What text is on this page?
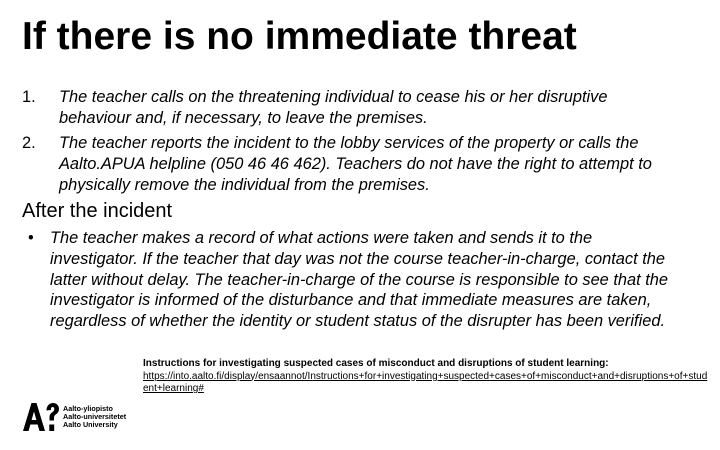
If there is no immediate threat
1. The teacher calls on the threatening individual to cease his or her disruptive behaviour and, if necessary, to leave the premises.
2. The teacher reports the incident to the lobby services of the property or calls the Aalto.APUA helpline (050 46 46 462). Teachers do not have the right to attempt to physically remove the individual from the premises.
After the incident
• The teacher makes a record of what actions were taken and sends it to the investigator. If the teacher that day was not the course teacher-in-charge, contact the latter without delay. The teacher-in-charge of the course is responsible to see that the investigator is informed of the disturbance and that immediate measures are taken, regardless of whether the identity or student status of the disrupter has been verified.
Instructions for investigating suspected cases of misconduct and disruptions of student learning:
https://into.aalto.fi/display/ensaannot/Instructions+for+investigating+suspected+cases+of+misconduct+and+disruptions+of+student+learning#
Aalto-yliopisto
Aalto-universitetet
Aalto University
